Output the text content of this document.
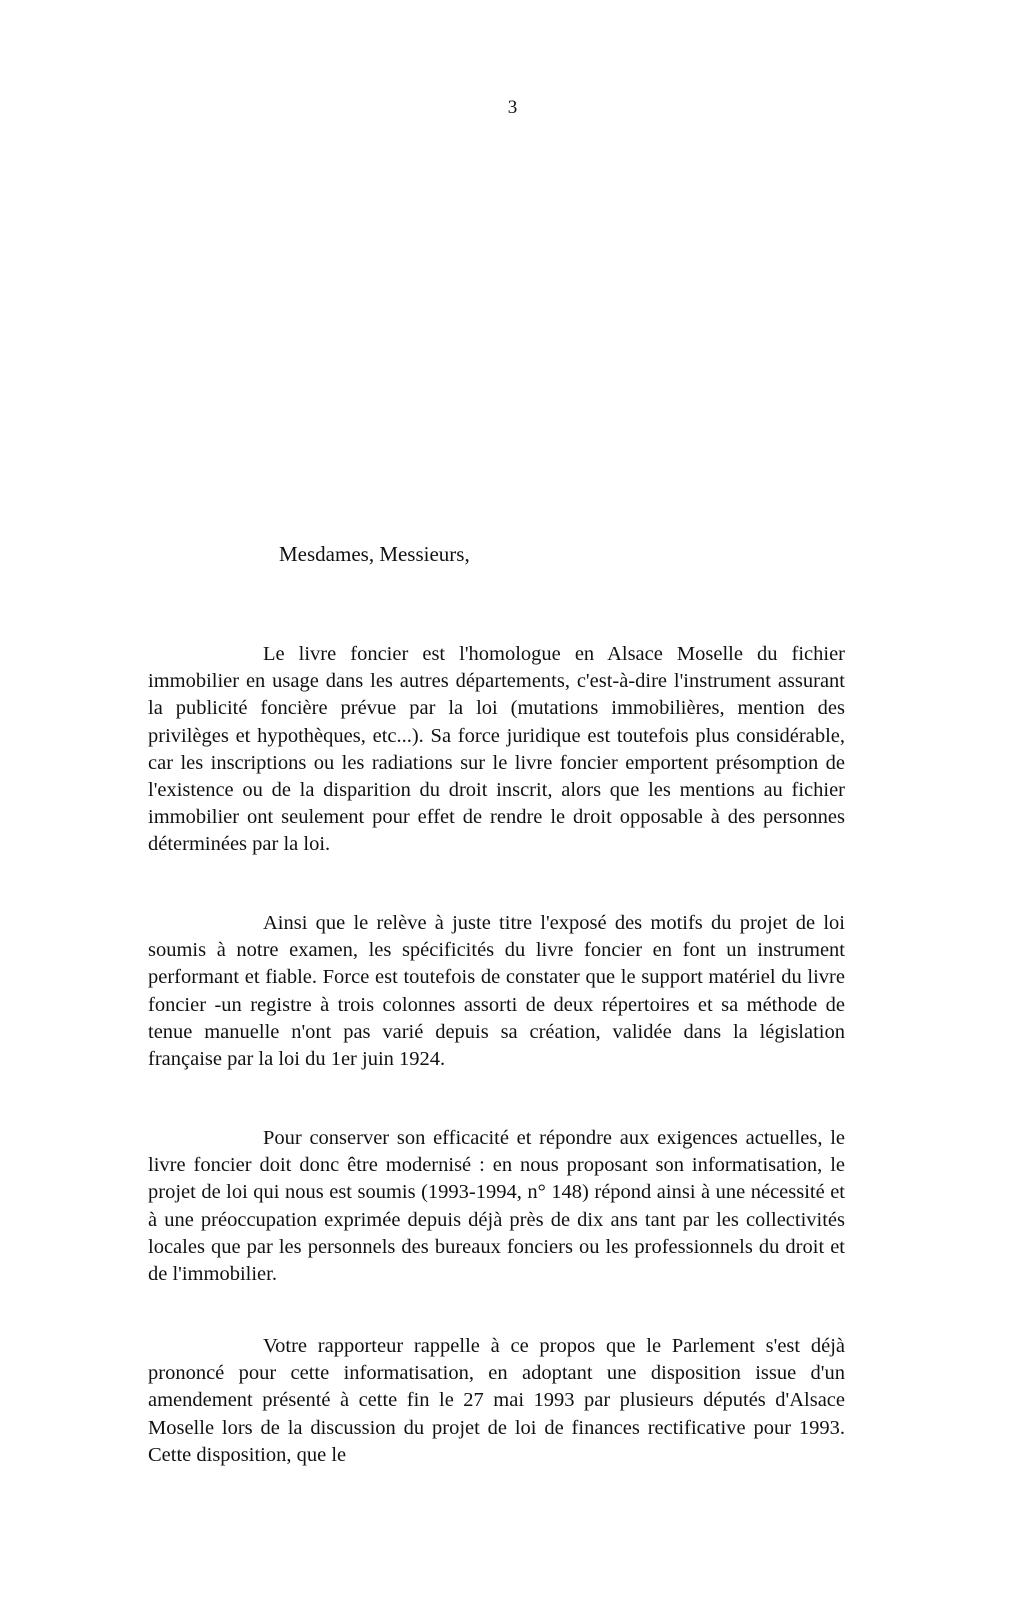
3

Mesdames, Messieurs,

Le livre foncier est l'homologue en Alsace Moselle du fichier immobilier en usage dans les autres départements, c'est-à-dire l'instrument assurant la publicité foncière prévue par la loi (mutations immobilières, mention des privilèges et hypothèques, etc...). Sa force juridique est toutefois plus considérable, car les inscriptions ou les radiations sur le livre foncier emportent présomption de l'existence ou de la disparition du droit inscrit, alors que les mentions au fichier immobilier ont seulement pour effet de rendre le droit opposable à des personnes déterminées par la loi.

Ainsi que le relève à juste titre l'exposé des motifs du projet de loi soumis à notre examen, les spécificités du livre foncier en font un instrument performant et fiable. Force est toutefois de constater que le support matériel du livre foncier -un registre à trois colonnes assorti de deux répertoires et sa méthode de tenue manuelle n'ont pas varié depuis sa création, validée dans la législation française par la loi du 1er juin 1924.

Pour conserver son efficacité et répondre aux exigences actuelles, le livre foncier doit donc être modernisé : en nous proposant son informatisation, le projet de loi qui nous est soumis (1993-1994, n° 148) répond ainsi à une nécessité et à une préoccupation exprimée depuis déjà près de dix ans tant par les collectivités locales que par les personnels des bureaux fonciers ou les professionnels du droit et de l'immobilier.

Votre rapporteur rappelle à ce propos que le Parlement s'est déjà prononcé pour cette informatisation, en adoptant une disposition issue d'un amendement présenté à cette fin le 27 mai 1993 par plusieurs députés d'Alsace Moselle lors de la discussion du projet de loi de finances rectificative pour 1993. Cette disposition, que le
